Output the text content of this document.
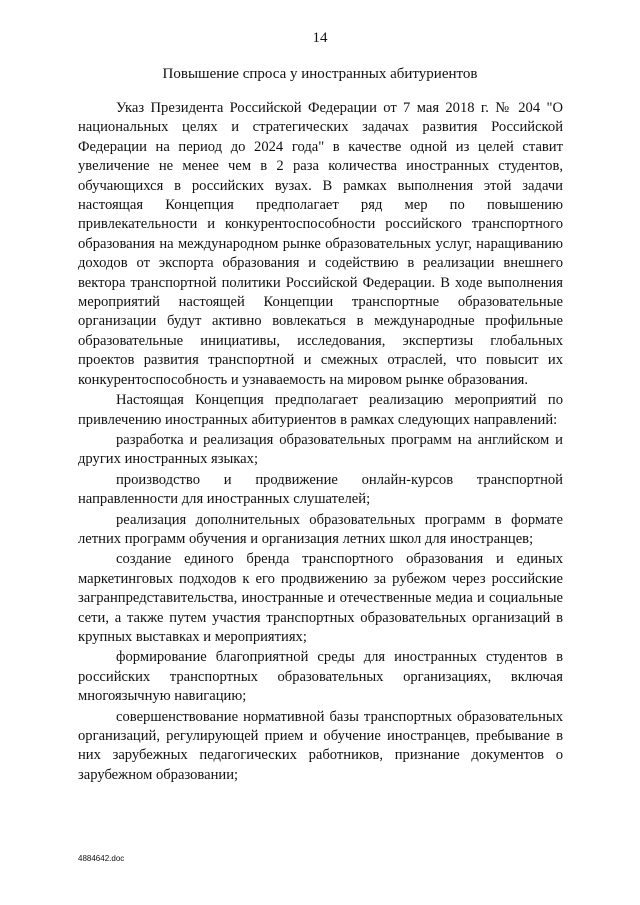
14
Повышение спроса у иностранных абитуриентов

Указ Президента Российской Федерации от 7 мая 2018 г. № 204 "О национальных целях и стратегических задачах развития Российской Федерации на период до 2024 года" в качестве одной из целей ставит увеличение не менее чем в 2 раза количества иностранных студентов, обучающихся в российских вузах. В рамках выполнения этой задачи настоящая Концепция предполагает ряд мер по повышению привлекательности и конкурентоспособности российского транспортного образования на международном рынке образовательных услуг, наращиванию доходов от экспорта образования и содействию в реализации внешнего вектора транспортной политики Российской Федерации. В ходе выполнения мероприятий настоящей Концепции транспортные образовательные организации будут активно вовлекаться в международные профильные образовательные инициативы, исследования, экспертизы глобальных проектов развития транспортной и смежных отраслей, что повысит их конкурентоспособность и узнаваемость на мировом рынке образования.

Настоящая Концепция предполагает реализацию мероприятий по привлечению иностранных абитуриентов в рамках следующих направлений:

разработка и реализация образовательных программ на английском и других иностранных языках;

производство и продвижение онлайн-курсов транспортной направленности для иностранных слушателей;

реализация дополнительных образовательных программ в формате летних программ обучения и организация летних школ для иностранцев;

создание единого бренда транспортного образования и единых маркетинговых подходов к его продвижению за рубежом через российские загранпредставительства, иностранные и отечественные медиа и социальные сети, а также путем участия транспортных образовательных организаций в крупных выставках и мероприятиях;

формирование благоприятной среды для иностранных студентов в российских транспортных образовательных организациях, включая многоязычную навигацию;

совершенствование нормативной базы транспортных образовательных организаций, регулирующей прием и обучение иностранцев, пребывание в них зарубежных педагогических работников, признание документов о зарубежном образовании;

4884642.doc
